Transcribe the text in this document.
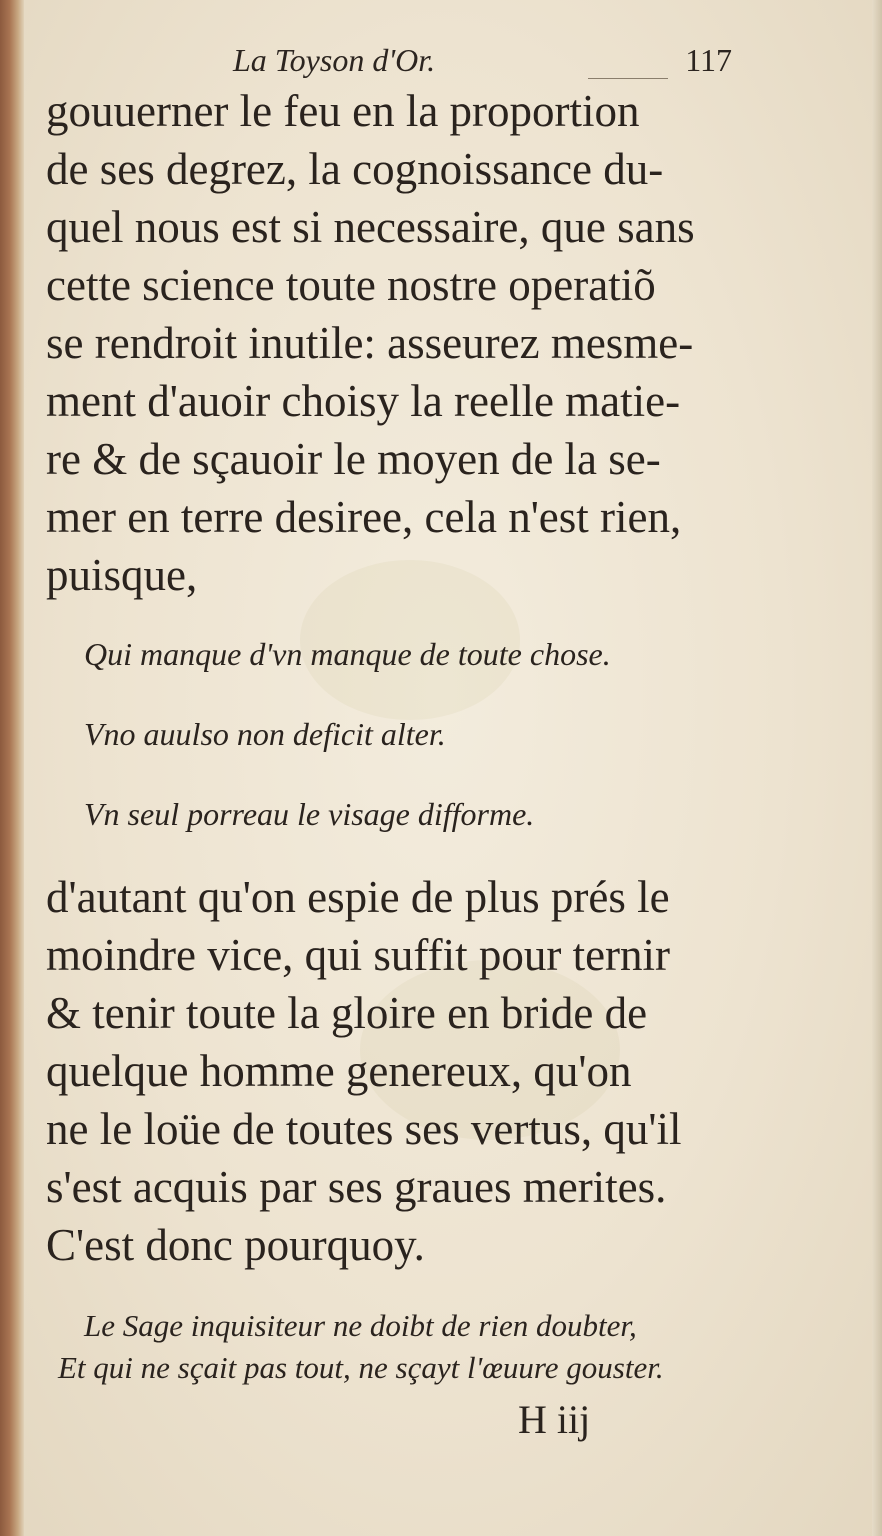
La Toyson d'Or.	117
gouuerner le feu en la proportion
de ses degrez, la cognoissance du-
quel nous est si necessaire, que sans
cette science toute nostre operatiõ
se rendroit inutile: asseurez mesme-
ment d'auoir choisy la reelle matie-
re & de sçauoir le moyen de la se-
mer en terre desiree, cela n'est rien,
puisque,
Qui manque d'vn manque de toute chose.
Vno auulso non deficit alter.
Vn seul porreau le visage difforme.
d'autant qu'on espie de plus prés le
moindre vice, qui suffit pour ternir
& tenir toute la gloire en bride de
quelque homme genereux, qu'on
ne le loüe de toutes ses vertus, qu'il
s'est acquis par ses graues merites.
C'est donc pourquoy.
Le Sage inquisiteur ne doibt de rien doubter,
Et qui ne sçait pas tout, ne sçayt l'œuure gouster.
H iij
